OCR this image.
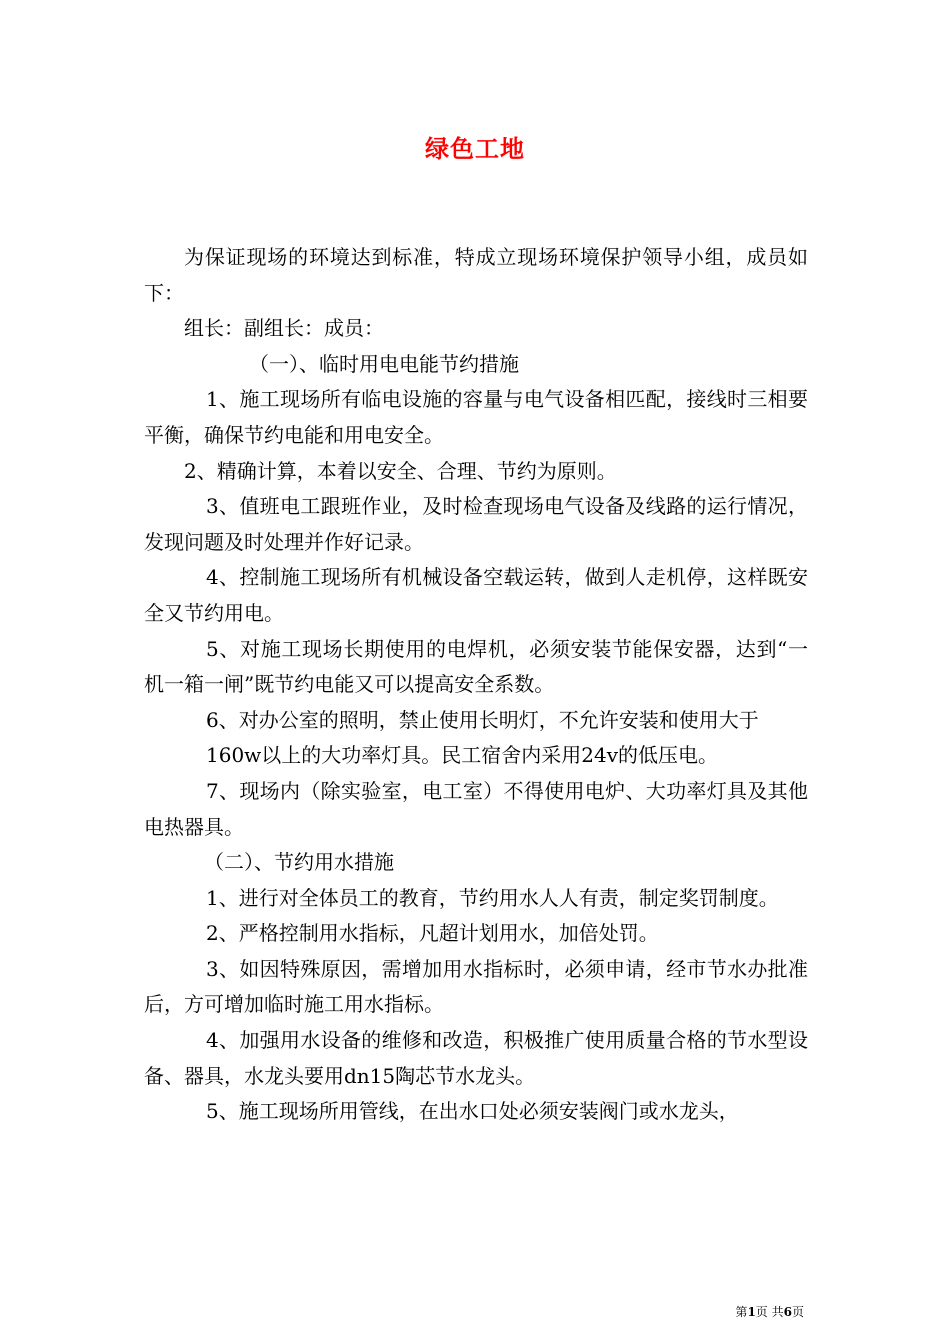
绿色工地

为保证现场的环境达到标准，特成立现场环境保护领导小组，成员如下：

组长：副组长：成员：

（一）、临时用电电能节约措施

1、施工现场所有临电设施的容量与电气设备相匹配，接线时三相要平衡，确保节约电能和用电安全。

2、精确计算，本着以安全、合理、节约为原则。

3、值班电工跟班作业，及时检查现场电气设备及线路的运行情况，发现问题及时处理并作好记录。

4、控制施工现场所有机械设备空载运转，做到人走机停，这样既安全又节约用电。

5、对施工现场长期使用的电焊机，必须安装节能保安器，达到“一机一箱一闸”既节约电能又可以提高安全系数。

6、对办公室的照明，禁止使用长明灯，不允许安装和使用大于

160w以上的大功率灯具。民工宿舍内采用24v的低压电。

7、现场内（除实验室，电工室）不得使用电炉、大功率灯具及其他电热器具。

（二）、节约用水措施

1、进行对全体员工的教育，节约用水人人有责，制定奖罚制度。

2、严格控制用水指标，凡超计划用水，加倍处罚。

3、如因特殊原因，需增加用水指标时，必须申请，经市节水办批准后，方可增加临时施工用水指标。

4、加强用水设备的维修和改造，积极推广使用质量合格的节水型设备、器具，水龙头要用dn15陶芯节水龙头。

5、施工现场所用管线，在出水口处必须安装阀门或水龙头，

第1页 共6页
